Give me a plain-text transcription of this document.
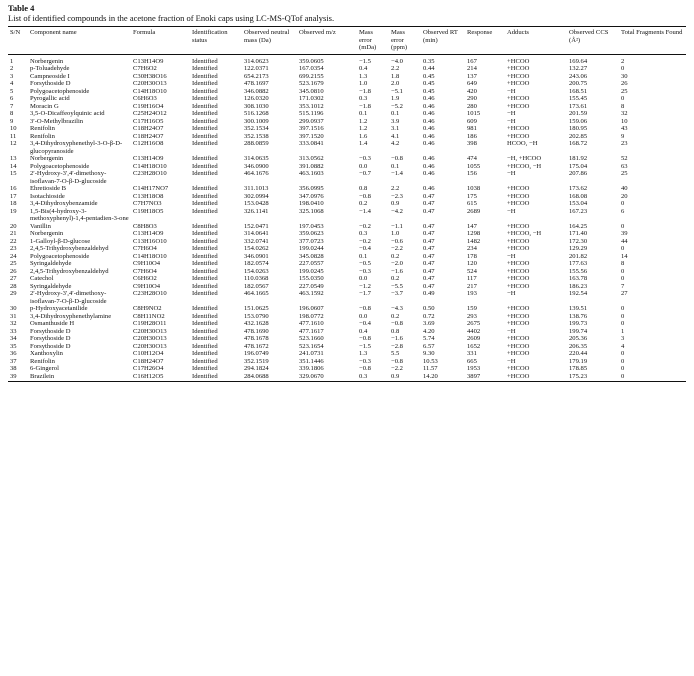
Table 4
List of identified compounds in the acetone fraction of Enoki caps using LC-MS-QTof analysis.
S/N	Component name	Formula	Identification status	Observed neutral mass (Da)	Observed m/z	Mass error (mDa)	Mass error (ppm)	Observed RT (min)	Response	Adducts	Observed CCS (Å²)	Total Fragments Found

1	Norbergenin	C13H14O9	Identified	314.0623	359.0605	−1.5	−4.0	0.35	167	+HCOO	169.64	2
2	p-Toluadehyde	C7H6O2	Identified	122.0371	167.0354	0.4	2.2	0.44	214	+HCOO	132.27	0
3	Campneoside I	C30H38O16	Identified	654.2173	699.2155	1.3	1.8	0.45	137	+HCOO	243.06	30
4	Forsythoside D	C20H30O13	Identified	478.1697	523.1679	1.0	2.0	0.45	649	+HCOO	200.75	26
5	Polygoacetophenoside	C14H18O10	Identified	346.0882	345.0810	−1.8	−5.1	0.45	420	−H	168.51	25
6	Pyrogallic acid	C6H6O3	Identified	126.0320	171.0302	0.3	1.9	0.46	290	+HCOO	155.45	0
7	Moracin G	C19H16O4	Identified	308.1030	353.1012	−1.8	−5.2	0.46	280	+HCOO	173.61	8
8	3,5-O-Dicaffeoylquinic acid	C25H24O12	Identified	516.1268	515.1196	0.1	0.1	0.46	1015	−H	201.59	32
9	3′-O-Methylbrazilin	C17H16O5	Identified	300.1009	299.0937	1.2	3.9	0.46	609	−H	159.06	10
10	Renifolin	C18H24O7	Identified	352.1534	397.1516	1.2	3.1	0.46	981	+HCOO	180.95	43
11	Renifolin	C18H24O7	Identified	352.1538	397.1520	1.6	4.1	0.46	186	+HCOO	202.85	9
12	3,4-Dihydroxyphenethyl-3-O-β-D-glucopyranoside	C12H16O8	Identified	288.0859	333.0841	1.4	4.2	0.46	398	HCOO, −H	168.72	23
13	Norbergenin	C13H14O9	Identified	314.0635	313.0562	−0.3	−0.8	0.46	474	−H, +HCOO	181.92	52
14	Polygoacetophenoside	C14H18O10	Identified	346.0900	391.0882	0.0	0.1	0.46	1055	+HCOO, −H	175.04	63
15	2′-Hydroxy-3′,4′-dimethoxy-isoflavan-7-O-β-D-glucoside	C23H28O10	Identified	464.1676	463.1603	−0.7	−1.4	0.46	156	−H	207.86	25
16	Ehretioside B	C14H17NO7	Identified	311.1013	356.0995	0.8	2.2	0.46	1038	+HCOO	173.62	40
17	Isotachioside	C13H18O8	Identified	302.0994	347.0976	−0.8	−2.3	0.47	175	+HCOO	168.08	20
18	3,4-Dihydroxybenzamide	C7H7NO3	Identified	153.0428	198.0410	0.2	0.9	0.47	615	+HCOO	153.04	0
19	1,5-Bis(4-hydroxy-3-methoxyphenyl)-1,4-pentadien-3-one	C19H18O5	Identified	326.1141	325.1068	−1.4	−4.2	0.47	2689	−H	167.23	6
20	Vanillin	C8H8O3	Identified	152.0471	197.0453	−0.2	−1.1	0.47	147	+HCOO	164.25	0
21	Norbergenin	C13H14O9	Identified	314.0641	359.0623	0.3	1.0	0.47	1298	+HCOO, −H	171.40	39
22	1-Galloyl-β-D-glucose	C13H16O10	Identified	332.0741	377.0723	−0.2	−0.6	0.47	1482	+HCOO	172.30	44
23	2,4,5-Trihydroxybenzaldehyd	C7H6O4	Identified	154.0262	199.0244	−0.4	−2.2	0.47	234	+HCOO	129.29	0
24	Polygoacetophenoside	C14H18O10	Identified	346.0901	345.0828	0.1	0.2	0.47	178	−H	201.82	14
25	Syringaldehyde	C9H10O4	Identified	182.0574	227.0557	−0.5	−2.0	0.47	120	+HCOO	177.63	8
26	2,4,5-Trihydroxybenzaldehyd	C7H6O4	Identified	154.0263	199.0245	−0.3	−1.6	0.47	524	+HCOO	155.56	0
27	Catechol	C6H6O2	Identified	110.0368	155.0350	0.0	0.2	0.47	117	+HCOO	163.78	0
28	Syringaldehyde	C9H10O4	Identified	182.0567	227.0549	−1.2	−5.5	0.47	217	+HCOO	186.23	7
29	2′-Hydroxy-3′,4′-dimethoxy-isoflavan-7-O-β-D-glucoside	C23H28O10	Identified	464.1665	463.1592	−1.7	−3.7	0.49	193	−H	192.54	27
30	p-Hydroxyacetanilide	C8H9NO2	Identified	151.0625	196.0607	−0.8	−4.3	0.50	159	+HCOO	139.51	0
31	3,4-Dihydroxyphenethylamine	C8H11NO2	Identified	153.0790	198.0772	0.0	0.2	0.72	293	+HCOO	138.76	0
32	Osmanthuside H	C19H28O11	Identified	432.1628	477.1610	−0.4	−0.8	3.69	2675	+HCOO	199.73	0
33	Forsythoside D	C20H30O13	Identified	478.1690	477.1617	0.4	0.8	4.20	4402	−H	199.74	1
34	Forsythoside D	C20H30O13	Identified	478.1678	523.1660	−0.8	−1.6	5.74	2609	+HCOO	205.36	3
35	Forsythoside D	C20H30O13	Identified	478.1672	523.1654	−1.5	−2.8	6.57	1652	+HCOO	206.35	4
36	Xanthoxylin	C10H12O4	Identified	196.0749	241.0731	1.3	5.5	9.30	331	+HCOO	220.44	0
37	Renifolin	C18H24O7	Identified	352.1519	351.1446	−0.3	−0.8	10.53	665	−H	179.19	0
38	6-Gingerol	C17H26O4	Identified	294.1824	339.1806	−0.8	−2.2	11.57	1953	+HCOO	178.85	0
39	Brazilein	C16H12O5	Identified	284.0688	329.0670	0.3	0.9	14.20	3897	+HCOO	175.23	0
